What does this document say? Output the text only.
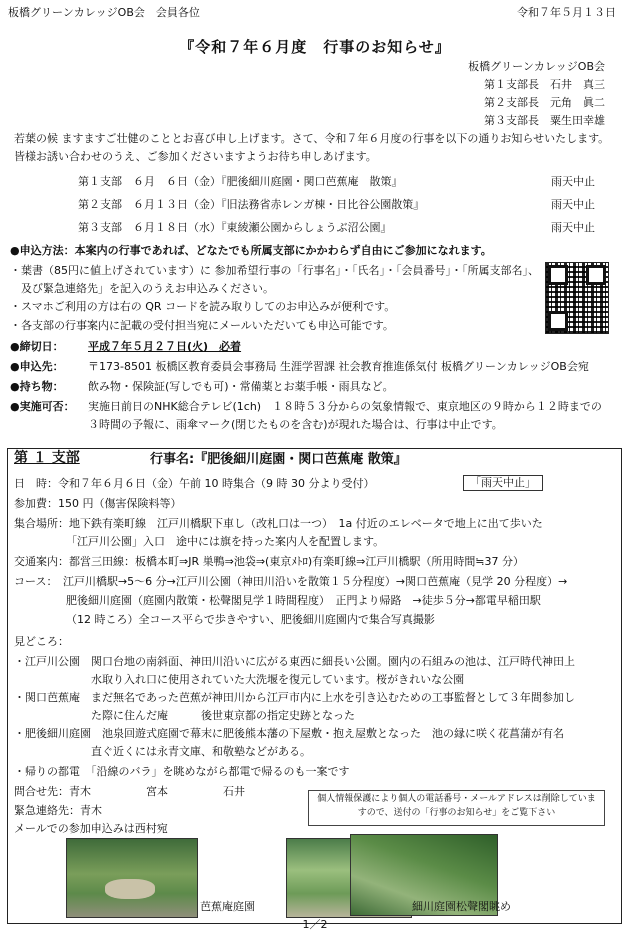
板橋グリーンカレッジOB会　会員各位	令和７年５月１３日
『令和７年６月度　行事のお知らせ』
板橋グリーンカレッジOB会
第１支部長　石井　真三
第２支部長　元角　眞二
第３支部長　粟生田幸雄
若葉の候 ますますご壮健のこととお喜び申し上げます。さて、令和７年６月度の行事を以下の通りお知らせいたします。皆様お誘い合わせのうえ、ご参加くださいますようお待ち申しあげます。
第１支部　６月　６日（金）『肥後細川庭園・関口芭蕉庵　散策』	雨天中止
第２支部　６月１３日（金）『旧法務省赤レンガ棟・日比谷公園散策』	雨天中止
第３支部　６月１８日（水）『東綾瀬公園からしょうぶ沼公園』	雨天中止
●申込方法：本案内の行事であれば、どなたでも所属支部にかかわらず自由にご参加になれます。
・葉書（85円に値上げされています）に 参加希望行事の「行事名」・「氏名」・「会員番号」・「所属支部名」、
　及び緊急連絡先」を記入のうえお申込みください。
・スマホご利用の方は右の QR コードを読み取りしてのお申込みが便利です。
・各支部の行事案内に記載の受付担当宛にメールいただいても申込可能です。
●締切日： 平成７年５月２７日(火)　必着
●申込先： 〒173-8501 板橋区教育委員会事務局 生涯学習課 社会教育推進係気付 板橋グリーンカレッジOB会宛
●持ち物： 飲み物・保険証(写しでも可)・常備薬とお薬手帳・雨具など。
●実施可否： 実施日前日のNHK総合テレビ(1ch)　１８時５３分からの気象情報で、東京地区の９時から１２時までの
３時間の予報に、雨傘マーク(閉じたものを含む)が現れた場合は、行事は中止です。
第 １ 支部	行事名:『肥後細川庭園・関口芭蕉庵 散策』
「雨天中止」
日　時：令和７年６月６日（金）午前 10 時集合（9 時 30 分より受付）
参加費：150 円（傷害保険料等）
集合場所：地下鉄有楽町線　江戸川橋駅下車し（改札口は一つ）　1a 付近のエレベータで地上に出て歩いた
「江戸川公園」入口　途中には旗を持った案内人を配置します。
交通案内：都営三田線：板橋本町⇒JR 巣鴨⇒池袋⇒(東京ﾒﾄﾛ)有楽町線⇒江戸川橋駅（所用時間≒37 分）
コース：　江戸川橋駅→5〜6 分→江戸川公園（神田川沿いを散策１５分程度）→関口芭蕉庵（見学 20 分程度）→
肥後細川庭園（庭園内散策・松聲閣見学１時間程度）　正門より帰路　→徒歩５分→都電早稲田駅
（12 時ころ）全コース平らで歩きやすい、肥後細川庭園内で集合写真撮影
見どころ：
・江戸川公園　関口台地の南斜面、神田川沿いに広がる東西に細長い公園。園内の石組みの池は、江戸時代神田上
　　　　　　　水取り入れ口に使用されていた大洗堰を復元しています。桜がきれいな公園
・関口芭蕉庵　まだ無名であった芭蕉が神田川から江戸市内に上水を引き込むための工事監督として３年間参加し
　　　　　　　た際に住んだ庵　　　後世東京都の指定史跡となった
・肥後細川庭園　池泉回遊式庭園で幕末に肥後熊本藩の下屋敷・抱え屋敷となった　池の縁に咲く花菖蒲が有名
　　　　　　　直ぐ近くには永青文庫、和敬塾などがある。
・帰りの都電　「沿線のバラ」を眺めながら都電で帰るのも一案です
問合せ先：青木　　　　　宮本　　　　　石井
緊急連絡先：青木
メールでの参加申込みは西村宛
個人情報保護により個人の電話番号・メールアドレスは削除していますので、送付の「行事のお知らせ」をご覧下さい
芭蕉庵庭園	細川庭園松聲閣眺め
1／2
